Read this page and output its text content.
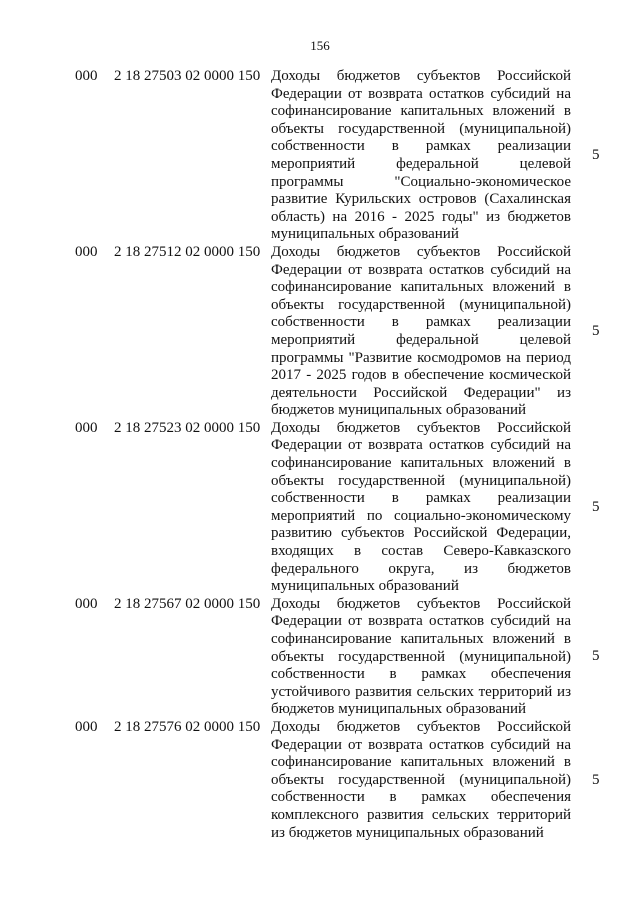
156
000 2 18 27503 02 0000 150 Доходы бюджетов субъектов Российской Федерации от возврата остатков субсидий на софинансирование капитальных вложений в объекты государственной (муниципальной) собственности в рамках реализации мероприятий федеральной целевой программы "Социально-экономическое развитие Курильских островов (Сахалинская область) на 2016 - 2025 годы" из бюджетов муниципальных образований
5
000 2 18 27512 02 0000 150 Доходы бюджетов субъектов Российской Федерации от возврата остатков субсидий на софинансирование капитальных вложений в объекты государственной (муниципальной) собственности в рамках реализации мероприятий федеральной целевой программы "Развитие космодромов на период 2017 - 2025 годов в обеспечение космической деятельности Российской Федерации" из бюджетов муниципальных образований
5
000 2 18 27523 02 0000 150 Доходы бюджетов субъектов Российской Федерации от возврата остатков субсидий на софинансирование капитальных вложений в объекты государственной (муниципальной) собственности в рамках реализации мероприятий по социально-экономическому развитию субъектов Российской Федерации, входящих в состав Северо-Кавказского федерального округа, из бюджетов муниципальных образований
5
000 2 18 27567 02 0000 150 Доходы бюджетов субъектов Российской Федерации от возврата остатков субсидий на софинансирование капитальных вложений в объекты государственной (муниципальной) собственности в рамках обеспечения устойчивого развития сельских территорий из бюджетов муниципальных образований
5
000 2 18 27576 02 0000 150 Доходы бюджетов субъектов Российской Федерации от возврата остатков субсидий на софинансирование капитальных вложений в объекты государственной (муниципальной) собственности в рамках обеспечения комплексного развития сельских территорий из бюджетов муниципальных образований
5
